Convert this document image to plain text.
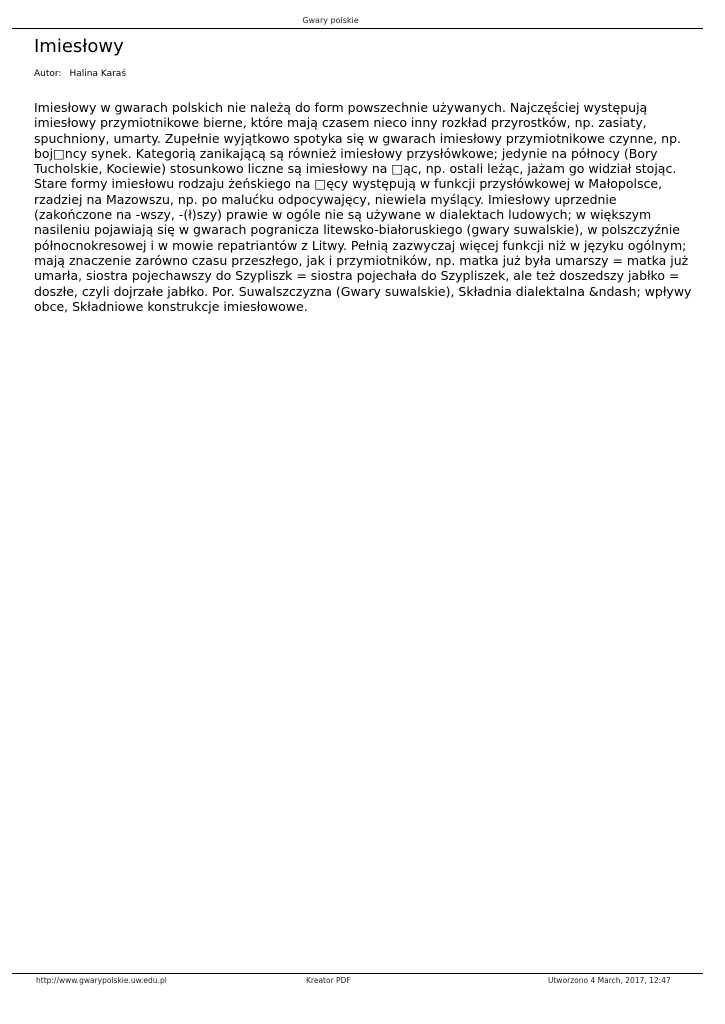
Gwary polskie
Imiesłowy
Autor: Halina Karaś

Imiesłowy w gwarach polskich nie należą do form powszechnie używanych. Najczęściej występują imiesłowy przymiotnikowe bierne, które mają czasem nieco inny rozkład przyrostków, np. zasiaty, spuchniony, umarty. Zupełnie wyjątkowo spotyka się w gwarach imiesłowy przymiotnikowe czynne, np. boj□ncy synek. Kategorią zanikającą są również imiesłowy przysłówkowe; jedynie na północy (Bory Tucholskie, Kociewie) stosunkowo liczne są imiesłowy na □ąc, np. ostali leżąc, jażam go widział stojąc. Stare formy imiesłowu rodzaju żeńskiego na □ęcy występują w funkcji przysłówkowej w Małopolsce, rzadziej na Mazowszu, np. po malućku odpocywajęcy, niewiela myślący. Imiesłowy uprzednie (zakończone na -wszy, -(ł)szy) prawie w ogóle nie są używane w dialektach ludowych; w większym nasileniu pojawiają się w gwarach pogranicza litewsko-białoruskiego (gwary suwalskie), w polszczyźnie północnokresowej i w mowie repatriantów z Litwy. Pełnią zazwyczaj więcej funkcji niż w języku ogólnym; mają znaczenie zarówno czasu przeszłego, jak i przymiotników, np. matka już była umarszy = matka już umarła, siostra pojechawszy do Szypliszk = siostra pojechała do Szypliszek, ale też doszedszy jabłko = doszłe, czyli dojrzałe jabłko. Por. Suwalszczyzna (Gwary suwalskie), Składnia dialektalna &ndash; wpływy obce, Składniowe konstrukcje imiesłowowe.

http://www.gwarypolskie.uw.edu.pl	Kreator PDF	Utworzono 4 March, 2017, 12:47
